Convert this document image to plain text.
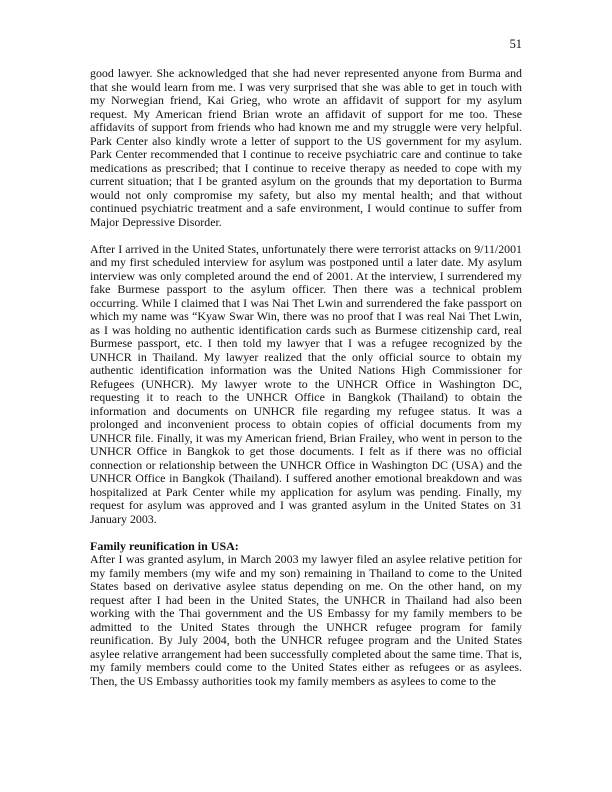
51

good lawyer. She acknowledged that she had never represented anyone from Burma and that she would learn from me. I was very surprised that she was able to get in touch with my Norwegian friend, Kai Grieg, who wrote an affidavit of support for my asylum request. My American friend Brian wrote an affidavit of support for me too. These affidavits of support from friends who had known me and my struggle were very helpful. Park Center also kindly wrote a letter of support to the US government for my asylum. Park Center recommended that I continue to receive psychiatric care and continue to take medications as prescribed; that I continue to receive therapy as needed to cope with my current situation; that I be granted asylum on the grounds that my deportation to Burma would not only compromise my safety, but also my mental health; and that without continued psychiatric treatment and a safe environment, I would continue to suffer from Major Depressive Disorder.

After I arrived in the United States, unfortunately there were terrorist attacks on 9/11/2001 and my first scheduled interview for asylum was postponed until a later date. My asylum interview was only completed around the end of 2001. At the interview, I surrendered my fake Burmese passport to the asylum officer. Then there was a technical problem occurring. While I claimed that I was Nai Thet Lwin and surrendered the fake passport on which my name was “Kyaw Swar Win, there was no proof that I was real Nai Thet Lwin, as I was holding no authentic identification cards such as Burmese citizenship card, real Burmese passport, etc. I then told my lawyer that I was a refugee recognized by the UNHCR in Thailand. My lawyer realized that the only official source to obtain my authentic identification information was the United Nations High Commissioner for Refugees (UNHCR). My lawyer wrote to the UNHCR Office in Washington DC, requesting it to reach to the UNHCR Office in Bangkok (Thailand) to obtain the information and documents on UNHCR file regarding my refugee status. It was a prolonged and inconvenient process to obtain copies of official documents from my UNHCR file. Finally, it was my American friend, Brian Frailey, who went in person to the UNHCR Office in Bangkok to get those documents. I felt as if there was no official connection or relationship between the UNHCR Office in Washington DC (USA) and the UNHCR Office in Bangkok (Thailand). I suffered another emotional breakdown and was hospitalized at Park Center while my application for asylum was pending. Finally, my request for asylum was approved and I was granted asylum in the United States on 31 January 2003.

Family reunification in USA:

After I was granted asylum, in March 2003 my lawyer filed an asylee relative petition for my family members (my wife and my son) remaining in Thailand to come to the United States based on derivative asylee status depending on me. On the other hand, on my request after I had been in the United States, the UNHCR in Thailand had also been working with the Thai government and the US Embassy for my family members to be admitted to the United States through the UNHCR refugee program for family reunification. By July 2004, both the UNHCR refugee program and the United States asylee relative arrangement had been successfully completed about the same time. That is, my family members could come to the United States either as refugees or as asylees. Then, the US Embassy authorities took my family members as asylees to come to the
